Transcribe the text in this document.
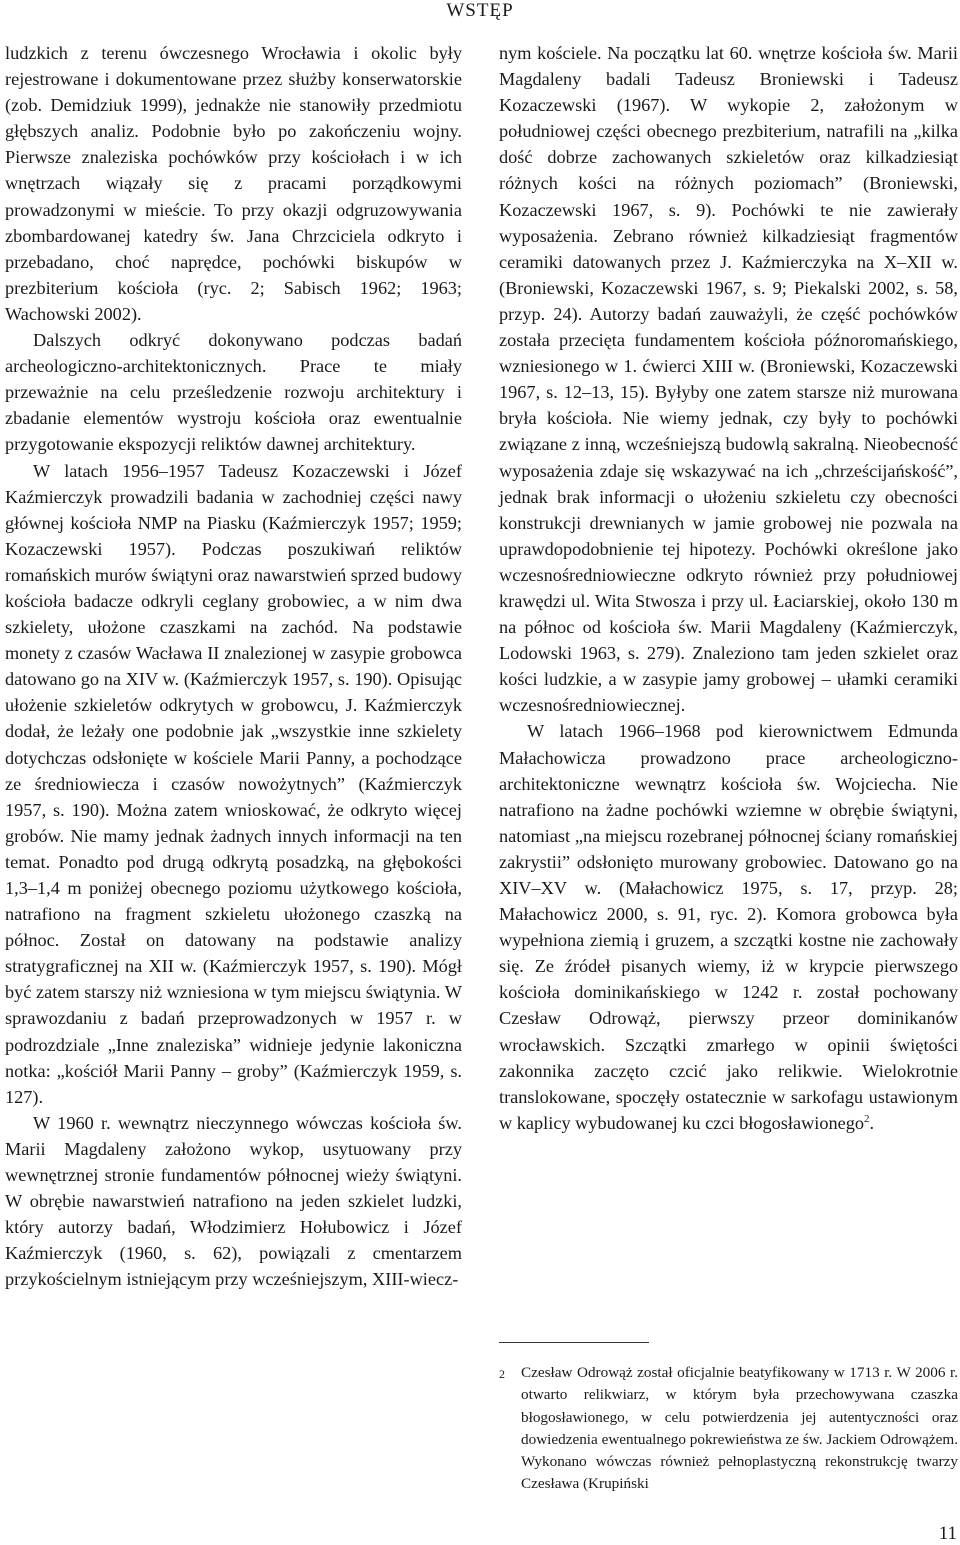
WSTĘP

ludzkich z terenu ówczesnego Wrocławia i okolic były rejestrowane i dokumentowane przez służby konserwatorskie (zob. Demidziuk 1999), jednakże nie stanowiły przedmiotu głębszych analiz. Podobnie było po zakończeniu wojny. Pierwsze znaleziska pochówków przy kościołach i w ich wnętrzach wiązały się z pracami porządkowymi prowadzonymi w mieście. To przy okazji odgruzowywania zbombardowanej katedry św. Jana Chrzciciela odkryto i przebadano, choć naprędce, pochówki biskupów w prezbiterium kościoła (ryc. 2; Sabisch 1962; 1963; Wachowski 2002).

Dalszych odkryć dokonywano podczas badań archeologiczno-architektonicznych. Prace te miały przeważnie na celu prześledzenie rozwoju architektury i zbadanie elementów wystroju kościoła oraz ewentualnie przygotowanie ekspozycji reliktów dawnej architektury.

W latach 1956–1957 Tadeusz Kozaczewski i Józef Kaźmierczyk prowadzili badania w zachodniej części nawy głównej kościoła NMP na Piasku (Kaźmierczyk 1957; 1959; Kozaczewski 1957). Podczas poszukiwań reliktów romańskich murów świątyni oraz nawarstwień sprzed budowy kościoła badacze odkryli ceglany grobowiec, a w nim dwa szkielety, ułożone czaszkami na zachód. Na podstawie monety z czasów Wacława II znalezionej w zasypie grobowca datowano go na XIV w. (Kaźmierczyk 1957, s. 190). Opisując ułożenie szkieletów odkrytych w grobowcu, J. Kaźmierczyk dodał, że leżały one podobnie jak „wszystkie inne szkielety dotychczas odsłonięte w kościele Marii Panny, a pochodzące ze średniowiecza i czasów nowożytnych” (Kaźmierczyk 1957, s. 190). Można zatem wnioskować, że odkryto więcej grobów. Nie mamy jednak żadnych innych informacji na ten temat. Ponadto pod drugą odkrytą posadzką, na głębokości 1,3–1,4 m poniżej obecnego poziomu użytkowego kościoła, natrafiono na fragment szkieletu ułożonego czaszką na północ. Został on datowany na podstawie analizy stratygraficznej na XII w. (Kaźmierczyk 1957, s. 190). Mógł być zatem starszy niż wzniesiona w tym miejscu świątynia. W sprawozdaniu z badań przeprowadzonych w 1957 r. w podrozdziale „Inne znaleziska” widnieje jedynie lakoniczna notka: „kościół Marii Panny – groby” (Kaźmierczyk 1959, s. 127).

W 1960 r. wewnątrz nieczynnego wówczas kościoła św. Marii Magdaleny założono wykop, usytuowany przy wewnętrznej stronie fundamentów północnej wieży świątyni. W obrębie nawarstwień natrafiono na jeden szkielet ludzki, który autorzy badań, Włodzimierz Hołubowicz i Józef Kaźmierczyk (1960, s. 62), powiązali z cmentarzem przykościelnym istniejącym przy wcześniejszym, XIII-wiecz-

nym kościele. Na początku lat 60. wnętrze kościoła św. Marii Magdaleny badali Tadeusz Broniewski i Tadeusz Kozaczewski (1967). W wykopie 2, założonym w południowej części obecnego prezbiterium, natrafili na „kilka dość dobrze zachowanych szkieletów oraz kilkadziesiąt różnych kości na różnych poziomach” (Broniewski, Kozaczewski 1967, s. 9). Pochówki te nie zawierały wyposażenia. Zebrano również kilkadziesiąt fragmentów ceramiki datowanych przez J. Kaźmierczyka na X–XII w. (Broniewski, Kozaczewski 1967, s. 9; Piekalski 2002, s. 58, przyp. 24). Autorzy badań zauważyli, że część pochówków została przecięta fundamentem kościoła późnoromańskiego, wzniesionego w 1. ćwierci XIII w. (Broniewski, Kozaczewski 1967, s. 12–13, 15). Byłyby one zatem starsze niż murowana bryła kościoła. Nie wiemy jednak, czy były to pochówki związane z inną, wcześniejszą budowlą sakralną. Nieobecność wyposażenia zdaje się wskazywać na ich „chrześcijańskość”, jednak brak informacji o ułożeniu szkieletu czy obecności konstrukcji drewnianych w jamie grobowej nie pozwala na uprawdopodobnienie tej hipotezy. Pochówki określone jako wczesnośredniowieczne odkryto również przy południowej krawędzi ul. Wita Stwosza i przy ul. Łaciarskiej, około 130 m na północ od kościoła św. Marii Magdaleny (Kaźmierczyk, Lodowski 1963, s. 279). Znaleziono tam jeden szkielet oraz kości ludzkie, a w zasypie jamy grobowej – ułamki ceramiki wczesnośredniowiecznej.

W latach 1966–1968 pod kierownictwem Edmunda Małachowicza prowadzono prace archeologiczno-architektoniczne wewnątrz kościoła św. Wojciecha. Nie natrafiono na żadne pochówki wziemne w obrębie świątyni, natomiast „na miejscu rozebranej północnej ściany romańskiej zakrystii” odsłonięto murowany grobowiec. Datowano go na XIV–XV w. (Małachowicz 1975, s. 17, przyp. 28; Małachowicz 2000, s. 91, ryc. 2). Komora grobowca była wypełniona ziemią i gruzem, a szczątki kostne nie zachowały się. Ze źródeł pisanych wiemy, iż w krypcie pierwszego kościoła dominikańskiego w 1242 r. został pochowany Czesław Odrowąż, pierwszy przeor dominikanów wrocławskich. Szczątki zmarłego w opinii świętości zakonnika zaczęto czcić jako relikwie. Wielokrotnie translokowane, spoczęły ostatecznie w sarkofagu ustawionym w kaplicy wybudowanej ku czci błogosławionego$^2$.

2 Czesław Odrowąż został oficjalnie beatyfikowany w 1713 r. W 2006 r. otwarto relikwiarz, w którym była przechowywana czaszka błogosławionego, w celu potwierdzenia jej autentyczności oraz dowiedzenia ewentualnego pokrewieństwa ze św. Jackiem Odrowążem. Wykonano wówczas również pełnoplastyczną rekonstrukcję twarzy Czesława (Krupiński

11
